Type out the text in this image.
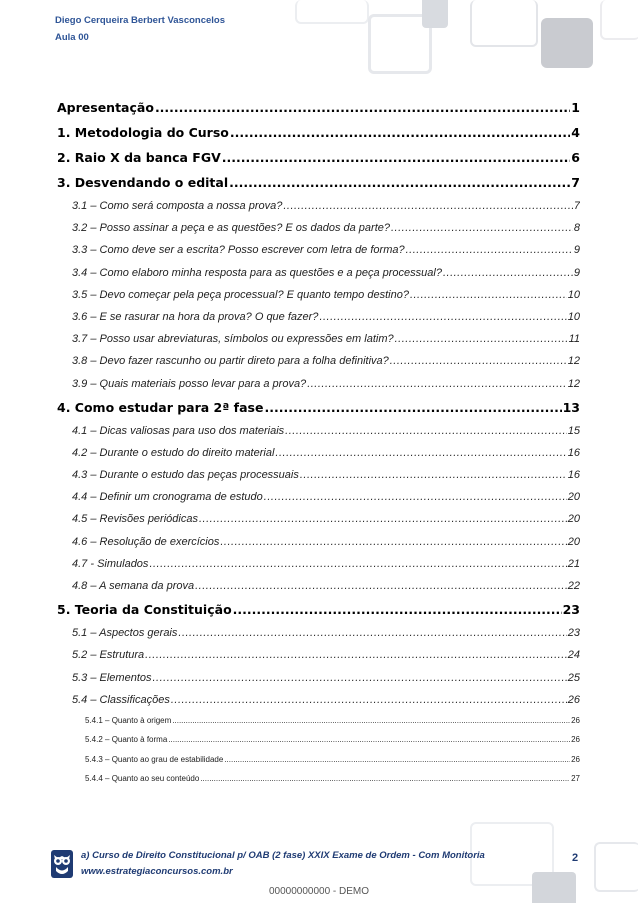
Diego Cerqueira Berbert Vasconcelos
Aula 00
Apresentação .....	1
1. Metodologia do Curso .....	4
2. Raio X da banca FGV .....	6
3. Desvendando o edital .....	7
3.1 – Como será composta a nossa prova? .....	7
3.2 – Posso assinar a peça e as questões? E os dados da parte? .....	8
3.3 – Como deve ser a escrita? Posso escrever com letra de forma? .....	9
3.4 – Como elaboro minha resposta para as questões e a peça processual? .....	9
3.5 – Devo começar pela peça processual? E quanto tempo destino? .....	10
3.6 – E se rasurar na hora da prova? O que fazer? .....	10
3.7 – Posso usar abreviaturas, símbolos ou expressões em latim? .....	11
3.8 – Devo fazer rascunho ou partir direto para a folha definitiva? .....	12
3.9 – Quais materiais posso levar para a prova? .....	12
4. Como estudar para 2ª fase .....	13
4.1 – Dicas valiosas para uso dos materiais .....	15
4.2 – Durante o estudo do direito material .....	16
4.3 – Durante o estudo das peças processuais .....	16
4.4 – Definir um cronograma de estudo .....	20
4.5 – Revisões periódicas .....	20
4.6 – Resolução de exercícios .....	20
4.7 - Simulados .....	21
4.8 – A semana da prova .....	22
5. Teoria da Constituição .....	23
5.1 – Aspectos gerais .....	23
5.2 – Estrutura .....	24
5.3 – Elementos .....	25
5.4 – Classificações .....	26
5.4.1 – Quanto à origem .....	26
5.4.2 – Quanto à forma .....	26
5.4.3 – Quanto ao grau de estabilidade .....	26
5.4.4 – Quanto ao seu conteúdo .....	27
a) Curso de Direito Constitucional p/ OAB (2 fase) XXIX Exame de Ordem - Com Monitoria
www.estrategiaconcursos.com.br
2
00000000000 - DEMO
